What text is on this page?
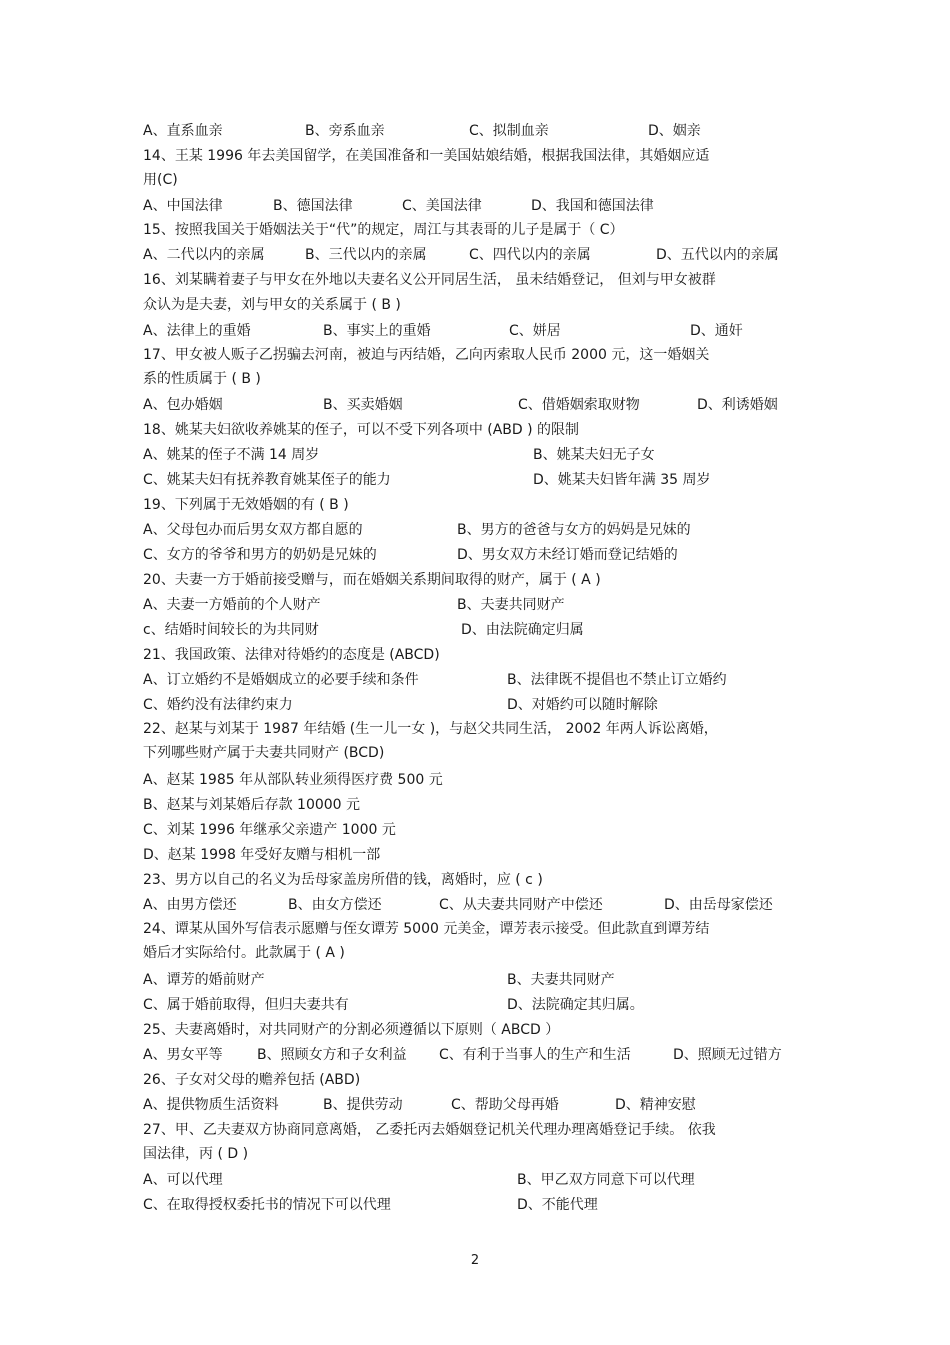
A、直系血亲	B、旁系血亲	C、拟制血亲	D、姻亲
14、王某 1996 年去美国留学，在美国准备和一美国姑娘结婚，根据我国法律，其婚姻应适
用(C)
A、中国法律	B、德国法律	C、美国法律	D、我国和德国法律
15、按照我国关于婚姻法关于“代”的规定，周江与其表哥的儿子是属于（ C）
A、二代以内的亲属	B、三代以内的亲属	C、四代以内的亲属	D、五代以内的亲属
16、刘某瞒着妻子与甲女在外地以夫妻名义公开同居生活， 虽未结婚登记， 但刘与甲女被群
众认为是夫妻，刘与甲女的关系属于 ( B )
A、法律上的重婚	B、事实上的重婚	C、姘居	D、通奸
17、甲女被人贩子乙拐骗去河南，被迫与丙结婚，乙向丙索取人民币 2000 元，这一婚姻关
系的性质属于 ( B )
A、包办婚姻	B、买卖婚姻	C、借婚姻索取财物	D、利诱婚姻
18、姚某夫妇欲收养姚某的侄子，可以不受下列各项中 (ABD ) 的限制
A、姚某的侄子不满 14 周岁	B、姚某夫妇无子女
C、姚某夫妇有抚养教育姚某侄子的能力	D、姚某夫妇皆年满 35 周岁
19、下列属于无效婚姻的有 ( B )
A、父母包办而后男女双方都自愿的	B、男方的爸爸与女方的妈妈是兄妹的
C、女方的爷爷和男方的奶奶是兄妹的	D、男女双方未经订婚而登记结婚的
20、夫妻一方于婚前接受赠与，而在婚姻关系期间取得的财产，属于 ( A )
A、夫妻一方婚前的个人财产	B、夫妻共同财产
c、结婚时间较长的为共同财	D、由法院确定归属
21、我国政策、法律对待婚约的态度是 (ABCD)
A、订立婚约不是婚姻成立的必要手续和条件	B、法律既不提倡也不禁止订立婚约
C、婚约没有法律约束力	D、对婚约可以随时解除
22、赵某与刘某于 1987 年结婚 (生一儿一女 )，与赵父共同生活， 2002 年两人诉讼离婚，
下列哪些财产属于夫妻共同财产 (BCD)
A、赵某 1985 年从部队转业须得医疗费 500 元
B、赵某与刘某婚后存款 10000 元
C、刘某 1996 年继承父亲遗产 1000 元
D、赵某 1998 年受好友赠与相机一部
23、男方以自己的名义为岳母家盖房所借的钱，离婚时，应 ( c )
A、由男方偿还	B、由女方偿还	C、从夫妻共同财产中偿还	D、由岳母家偿还
24、谭某从国外写信表示愿赠与侄女谭芳 5000 元美金，谭芳表示接受。但此款直到谭芳结
婚后才实际给付。此款属于 ( A )
A、谭芳的婚前财产	B、夫妻共同财产
C、属于婚前取得，但归夫妻共有	D、法院确定其归属。
25、夫妻离婚时，对共同财产的分割必须遵循以下原则（ ABCD ）
A、男女平等 B、照顾女方和子女利益 C、有利于当事人的生产和生活	D、照顾无过错方
26、子女对父母的赡养包括 (ABD)
A、提供物质生活资料	B、提供劳动	C、帮助父母再婚	D、精神安慰
27、甲、乙夫妻双方协商同意离婚， 乙委托丙去婚姻登记机关代理办理离婚登记手续。 依我
国法律，丙 ( D )
A、可以代理	B、甲乙双方同意下可以代理
C、在取得授权委托书的情况下可以代理	D、不能代理
2
